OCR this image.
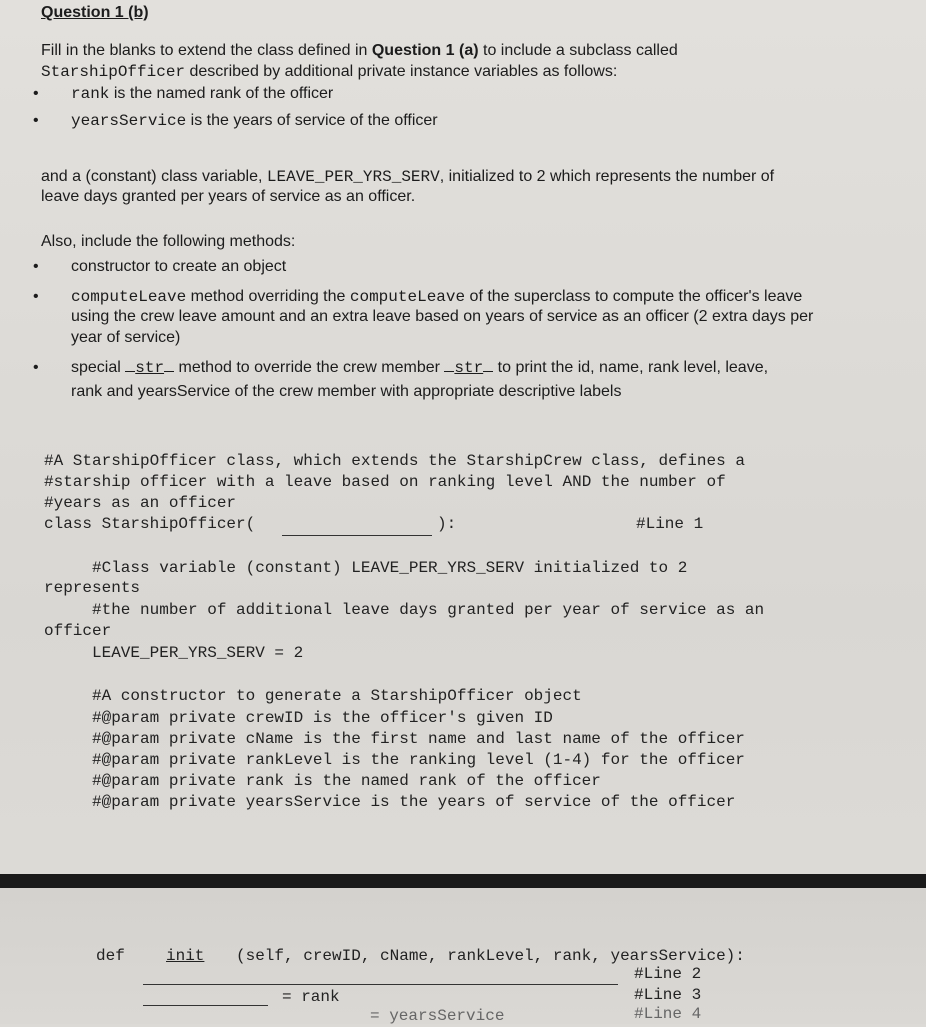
Question 1 (b)

Fill in the blanks to extend the class defined in Question 1 (a) to include a subclass called

StarshipOfficer described by additional private instance variables as follows:

•	rank is the named rank of the officer
•	yearsService is the years of service of the officer

and a (constant) class variable, LEAVE_PER_YRS_SERV, initialized to 2 which represents the number of

leave days granted per years of service as an officer.

Also, include the following methods:

•	constructor to create an object
•	computeLeave method overriding the computeLeave of the superclass to compute the officer's leave

using the crew leave amount and an extra leave based on years of service as an officer (2 extra days per

year of service)

•	special str method to override the crew member str to print the id, name, rank level, leave,

rank and yearsService of the crew member with appropriate descriptive labels

#A StarshipOfficer class, which extends the StarshipCrew class, defines a
#starship officer with a leave based on ranking level AND the number of
#years as an officer
class StarshipOfficer(	):	#Line 1
#Class variable (constant) LEAVE_PER_YRS_SERV initialized to 2
represents
#the number of additional leave days granted per year of service as an
officer
LEAVE_PER_YRS_SERV = 2
#A constructor to generate a StarshipOfficer object
#@param private crewID is the officer's given ID
#@param private cName is the first name and last name of the officer
#@param private rankLevel is the ranking level (1-4) for the officer
#@param private rank is the named rank of the officer
#@param private yearsService is the years of service of the officer
def	init (self, crewID, cName, rankLevel, rank, yearsService):
#Line 2
= rank	#Line 3
= yearsService	#Line 4
